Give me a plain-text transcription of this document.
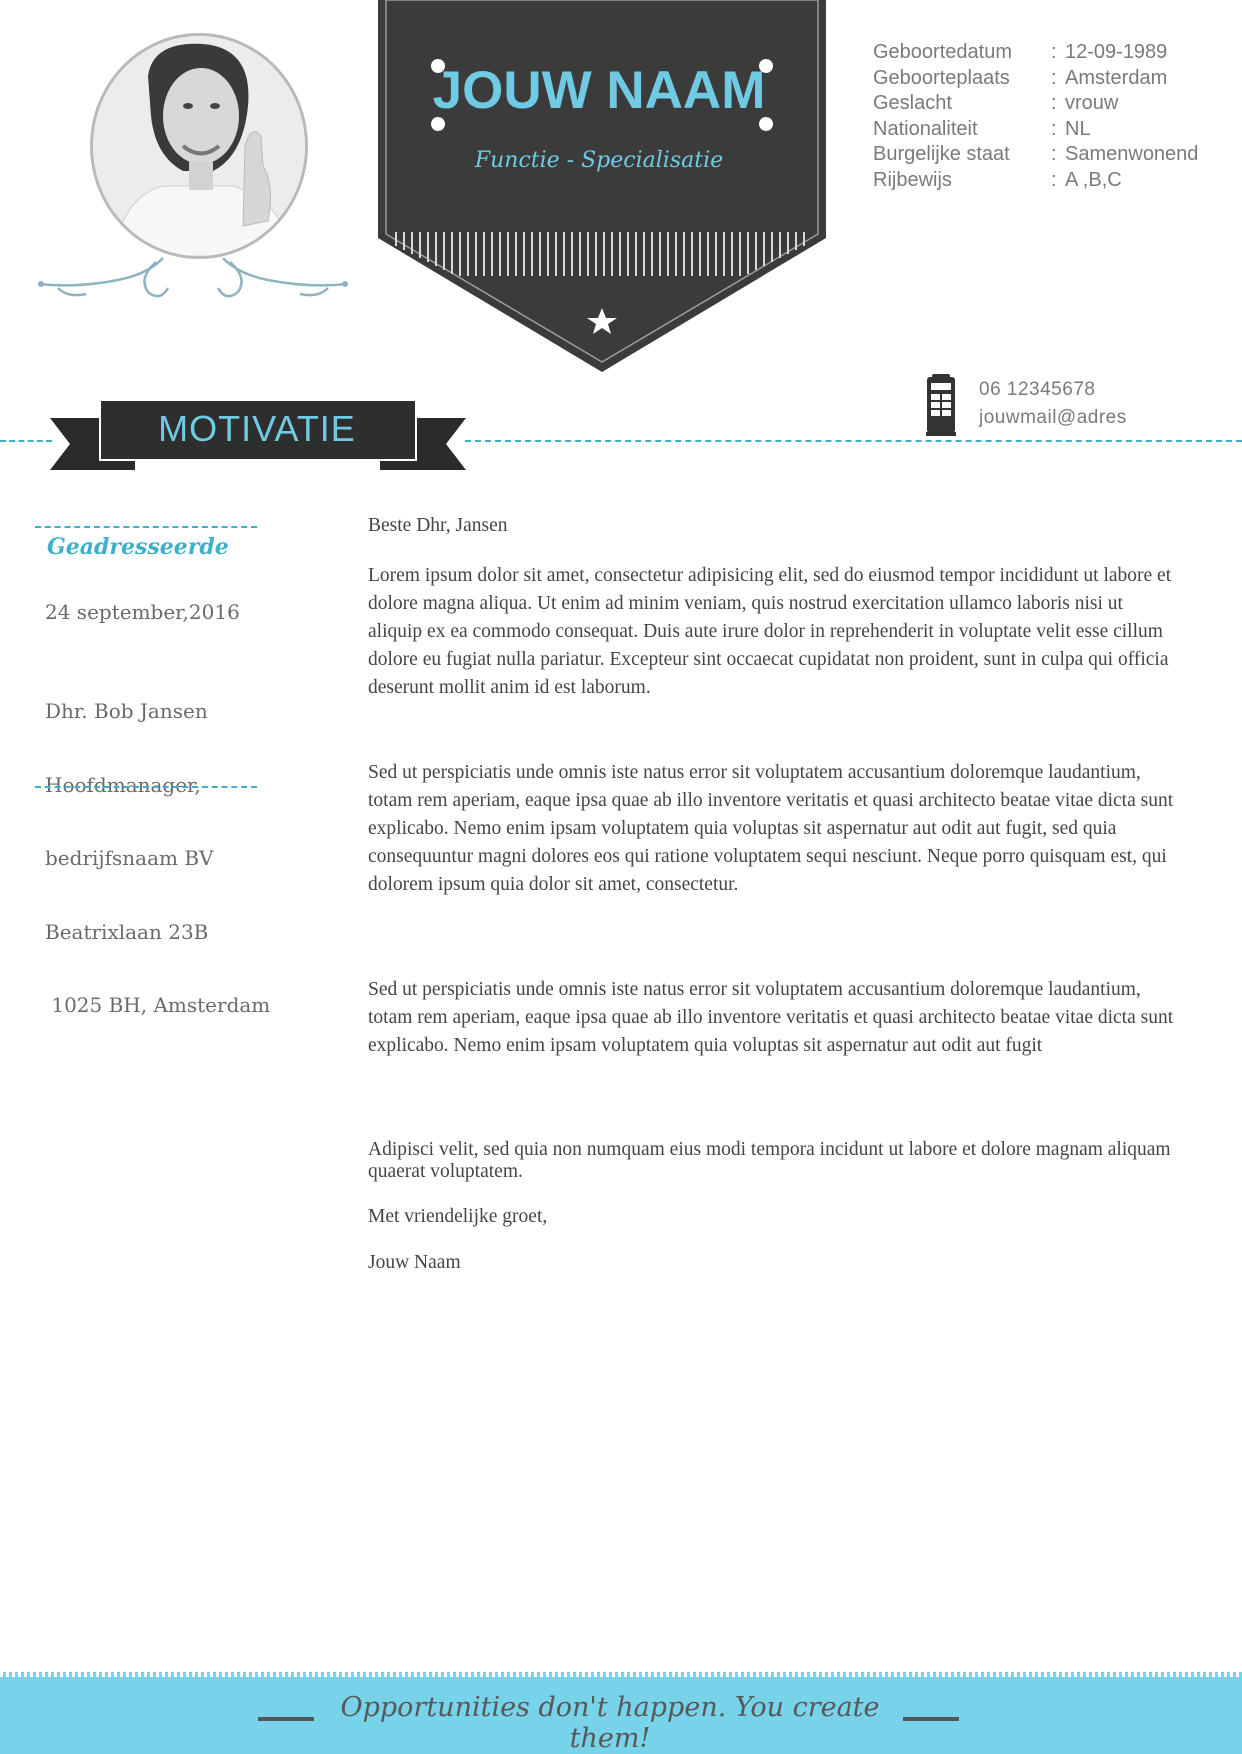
JOUW NAAM
Functie - Specialisatie
Geboortedatum	: 12-09-1989
Geboorteplaats	: Amsterdam
Geslacht	: vrouw
Nationaliteit	: NL
Burgelijke staat	: Samenwonend
Rijbewijs	: A ,B,C
06 12345678
jouwmail@adres
MOTIVATIE
Geadresseerde
24 september,2016

Dhr. Bob Jansen

Hoofdmanager,

bedrijfsnaam BV

Beatrixlaan 23B

1025 BH, Amsterdam

Beste Dhr, Jansen

Lorem ipsum dolor sit amet, consectetur adipisicing elit, sed do eiusmod tempor incididunt ut labore et dolore magna aliqua. Ut enim ad minim veniam, quis nostrud exercitation ullamco laboris nisi ut aliquip ex ea commodo consequat. Duis aute irure dolor in reprehenderit in voluptate velit esse cillum dolore eu fugiat nulla pariatur. Excepteur sint occaecat cupidatat non proident, sunt in culpa qui officia deserunt mollit anim id est laborum.

Sed ut perspiciatis unde omnis iste natus error sit voluptatem accusantium doloremque laudantium, totam rem aperiam, eaque ipsa quae ab illo inventore veritatis et quasi architecto beatae vitae dicta sunt explicabo. Nemo enim ipsam voluptatem quia voluptas sit aspernatur aut odit aut fugit, sed quia consequuntur magni dolores eos qui ratione voluptatem sequi nesciunt. Neque porro quisquam est, qui dolorem ipsum quia dolor sit amet, consectetur.

Sed ut perspiciatis unde omnis iste natus error sit voluptatem accusantium doloremque laudantium, totam rem aperiam, eaque ipsa quae ab illo inventore veritatis et quasi architecto beatae vitae dicta sunt explicabo. Nemo enim ipsam voluptatem quia voluptas sit aspernatur aut odit aut fugit

Adipisci velit, sed quia non numquam eius modi tempora incidunt ut labore et dolore magnam aliquam quaerat voluptatem.

Met vriendelijke groet,

Jouw Naam

Opportunities don't happen. You create them!
